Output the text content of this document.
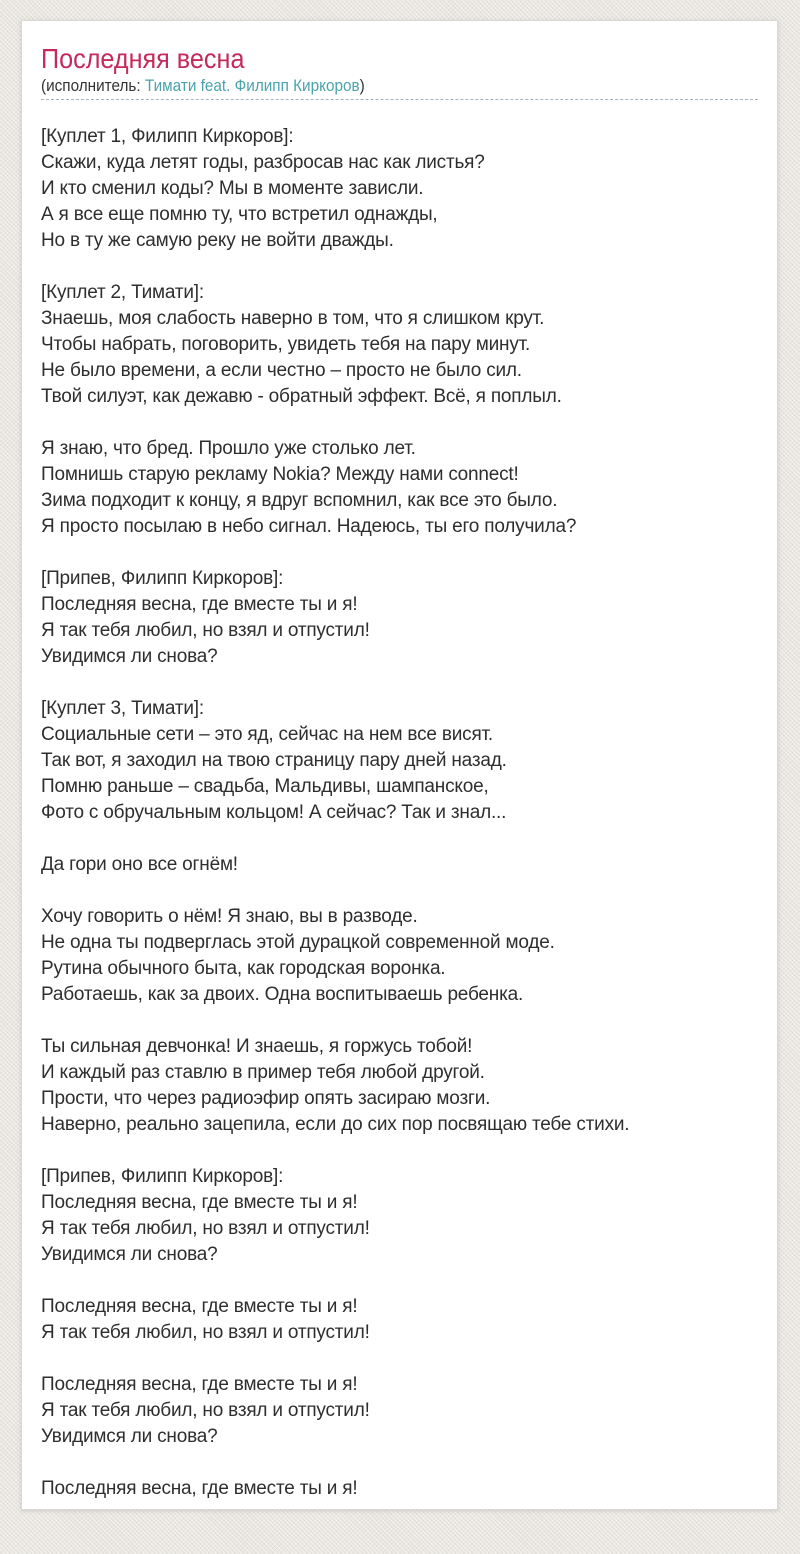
Последняя весна

(исполнитель: Тимати feat. Филипп Киркоров)

[Куплет 1, Филипп Киркоров]:

Скажи, куда летят годы, разбросав нас как листья?

И кто сменил коды? Мы в моменте зависли.

А я все еще помню ту, что встретил однажды,

Но в ту же самую реку не войти дважды.

[Куплет 2, Тимати]:

Знаешь, моя слабость наверно в том, что я слишком крут.

Чтобы набрать, поговорить, увидеть тебя на пару минут.

Не было времени, а если честно – просто не было сил.

Твой силуэт, как дежавю - обратный эффект. Всё, я поплыл.

Я знаю, что бред. Прошло уже столько лет.

Помнишь старую рекламу Nokia? Между нами connect!

Зима подходит к концу, я вдруг вспомнил, как все это было.

Я просто посылаю в небо сигнал. Надеюсь, ты его получила?

[Припев, Филипп Киркоров]:

Последняя весна, где вместе ты и я!

Я так тебя любил, но взял и отпустил!

Увидимся ли снова?

[Куплет 3, Тимати]:

Социальные сети – это яд, сейчас на нем все висят.

Так вот, я заходил на твою страницу пару дней назад.

Помню раньше – свадьба, Мальдивы, шампанское,

Фото с обручальным кольцом! А сейчас? Так и знал...

Да гори оно все огнём!

Хочу говорить о нём! Я знаю, вы в разводе.

Не одна ты подверглась этой дурацкой современной моде.

Рутина обычного быта, как городская воронка.

Работаешь, как за двоих. Одна воспитываешь ребенка.

Ты сильная девчонка! И знаешь, я горжусь тобой!

И каждый раз ставлю в пример тебя любой другой.

Прости, что через радиоэфир опять засираю мозги.

Наверно, реально зацепила, если до сих пор посвящаю тебе стихи.

[Припев, Филипп Киркоров]:

Последняя весна, где вместе ты и я!

Я так тебя любил, но взял и отпустил!

Увидимся ли снова?

Последняя весна, где вместе ты и я!

Я так тебя любил, но взял и отпустил!

Последняя весна, где вместе ты и я!

Я так тебя любил, но взял и отпустил!

Увидимся ли снова?

Последняя весна, где вместе ты и я!
